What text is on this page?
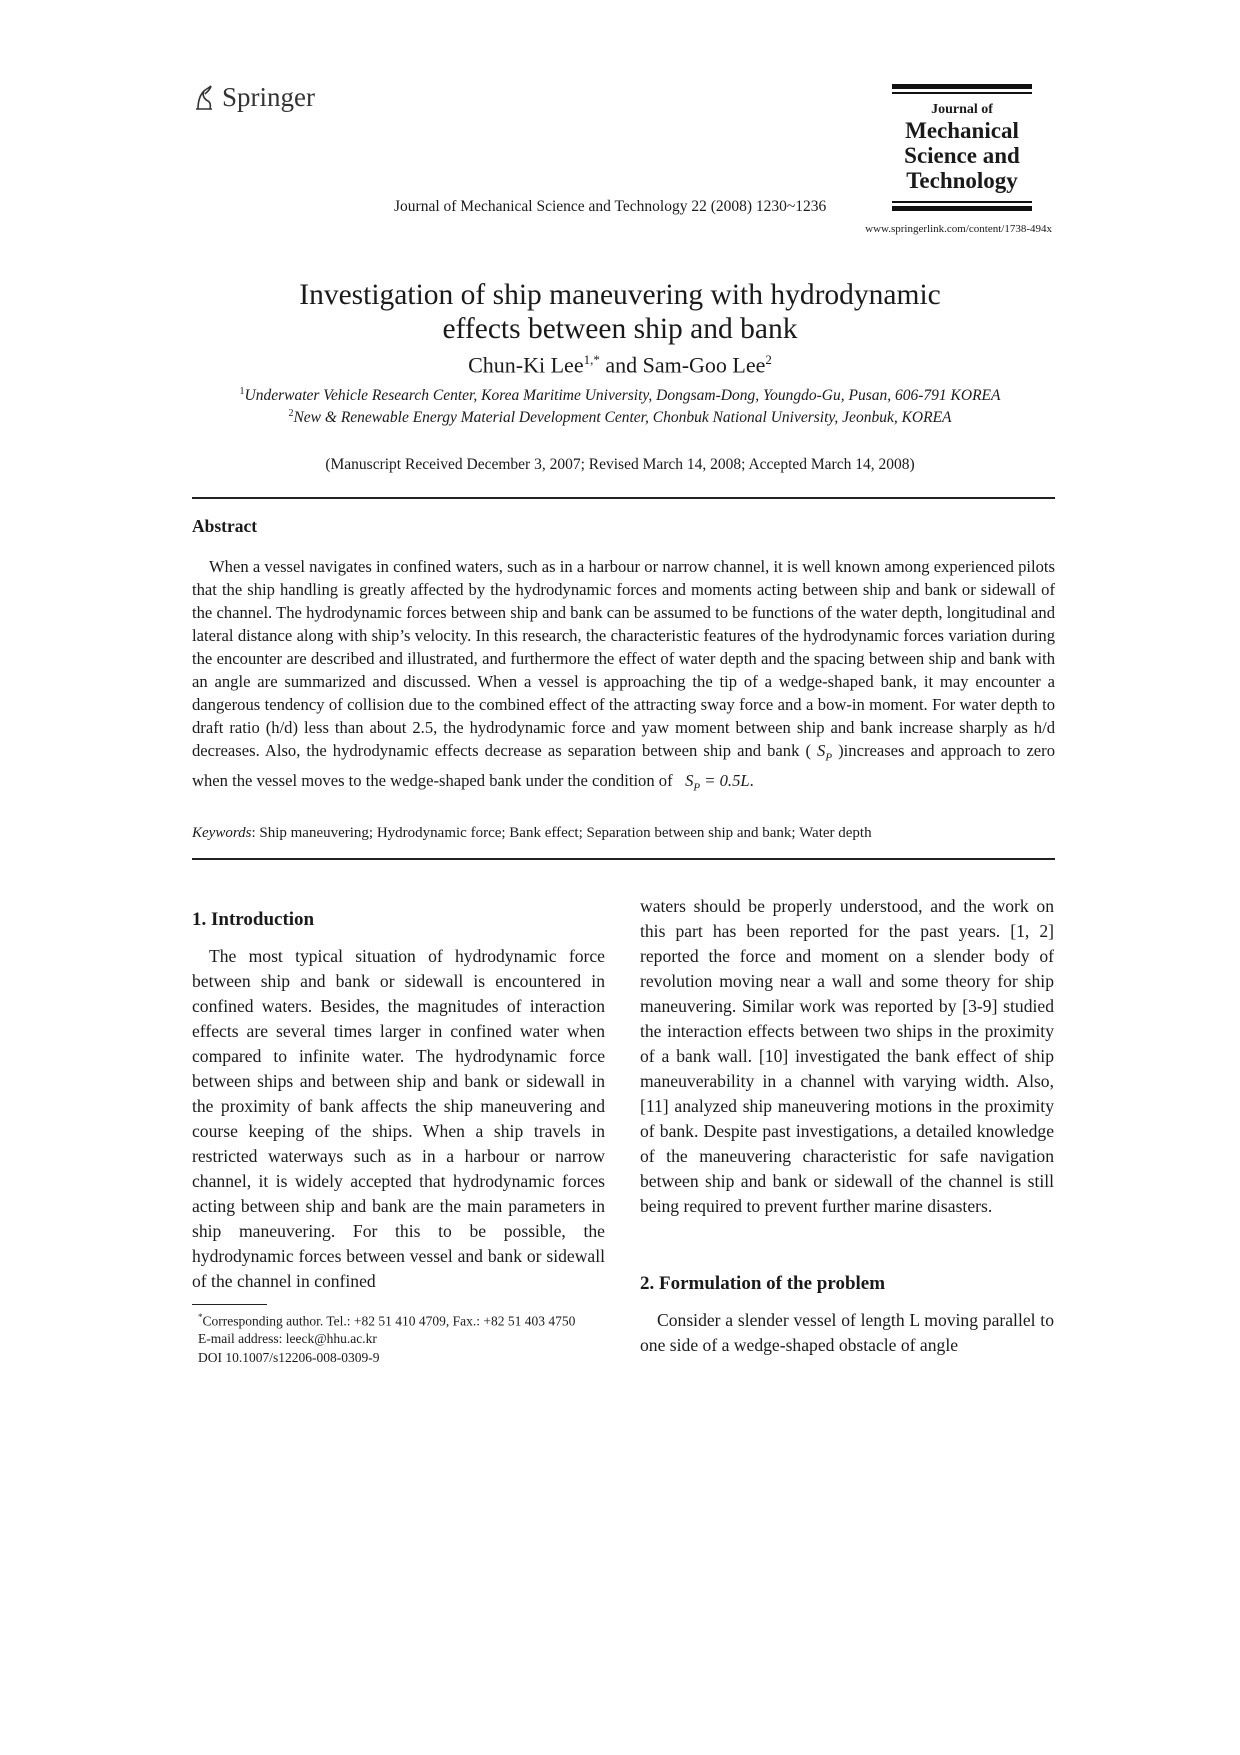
Springer	Journal of
Mechanical
Science and
Technology
Journal of Mechanical Science and Technology 22 (2008) 1230~1236
www.springerlink.com/content/1738-494x
Investigation of ship maneuvering with hydrodynamic
effects between ship and bank
Chun-Ki Lee$^{1,*}$ and Sam-Goo Lee$^2$
$^1$Underwater Vehicle Research Center, Korea Maritime University, Dongsam-Dong, Youngdo-Gu, Pusan, 606-791 KOREA
$^2$New & Renewable Energy Material Development Center, Chonbuk National University, Jeonbuk, KOREA
(Manuscript Received December 3, 2007; Revised March 14, 2008; Accepted March 14, 2008)
Abstract
When a vessel navigates in confined waters, such as in a harbour or narrow channel, it is well known among experienced pilots that the ship handling is greatly affected by the hydrodynamic forces and moments acting between ship and bank or sidewall of the channel. The hydrodynamic forces between ship and bank can be assumed to be functions of the water depth, longitudinal and lateral distance along with ship’s velocity. In this research, the characteristic features of the hydrodynamic forces variation during the encounter are described and illustrated, and furthermore the effect of water depth and the spacing between ship and bank with an angle are summarized and discussed. When a vessel is approaching the tip of a wedge-shaped bank, it may encounter a dangerous tendency of collision due to the combined effect of the attracting sway force and a bow-in moment. For water depth to draft ratio (h/d) less than about 2.5, the hydrodynamic force and yaw moment between ship and bank increase sharply as h/d decreases. Also, the hydrodynamic effects decrease as separation between ship and bank ( $S_P$ )increases and approach to zero when the vessel moves to the wedge-shaped bank under the condition of $S_P = 0.5L$.
Keywords: Ship maneuvering; Hydrodynamic force; Bank effect; Separation between ship and bank; Water depth
1. Introduction
The most typical situation of hydrodynamic force between ship and bank or sidewall is encountered in confined waters. Besides, the magnitudes of interaction effects are several times larger in confined water when compared to infinite water. The hydrodynamic force between ships and between ship and bank or sidewall in the proximity of bank affects the ship maneuvering and course keeping of the ships. When a ship travels in restricted waterways such as in a harbour or narrow channel, it is widely accepted that hydrodynamic forces acting between ship and bank are the main parameters in ship maneuvering. For this to be possible, the hydrodynamic forces between vessel and bank or sidewall of the channel in confined
*Corresponding author. Tel.: +82 51 410 4709, Fax.: +82 51 403 4750
E-mail address: leeck@hhu.ac.kr
DOI 10.1007/s12206-008-0309-9
waters should be properly understood, and the work on this part has been reported for the past years. [1, 2] reported the force and moment on a slender body of revolution moving near a wall and some theory for ship maneuvering. Similar work was reported by [3-9] studied the interaction effects between two ships in the proximity of a bank wall. [10] investigated the bank effect of ship maneuverability in a channel with varying width. Also, [11] analyzed ship maneuvering motions in the proximity of bank. Despite past investigations, a detailed knowledge of the maneuvering characteristic for safe navigation between ship and bank or sidewall of the channel is still being required to prevent further marine disasters.
2. Formulation of the problem
Consider a slender vessel of length L moving parallel to one side of a wedge-shaped obstacle of angle
